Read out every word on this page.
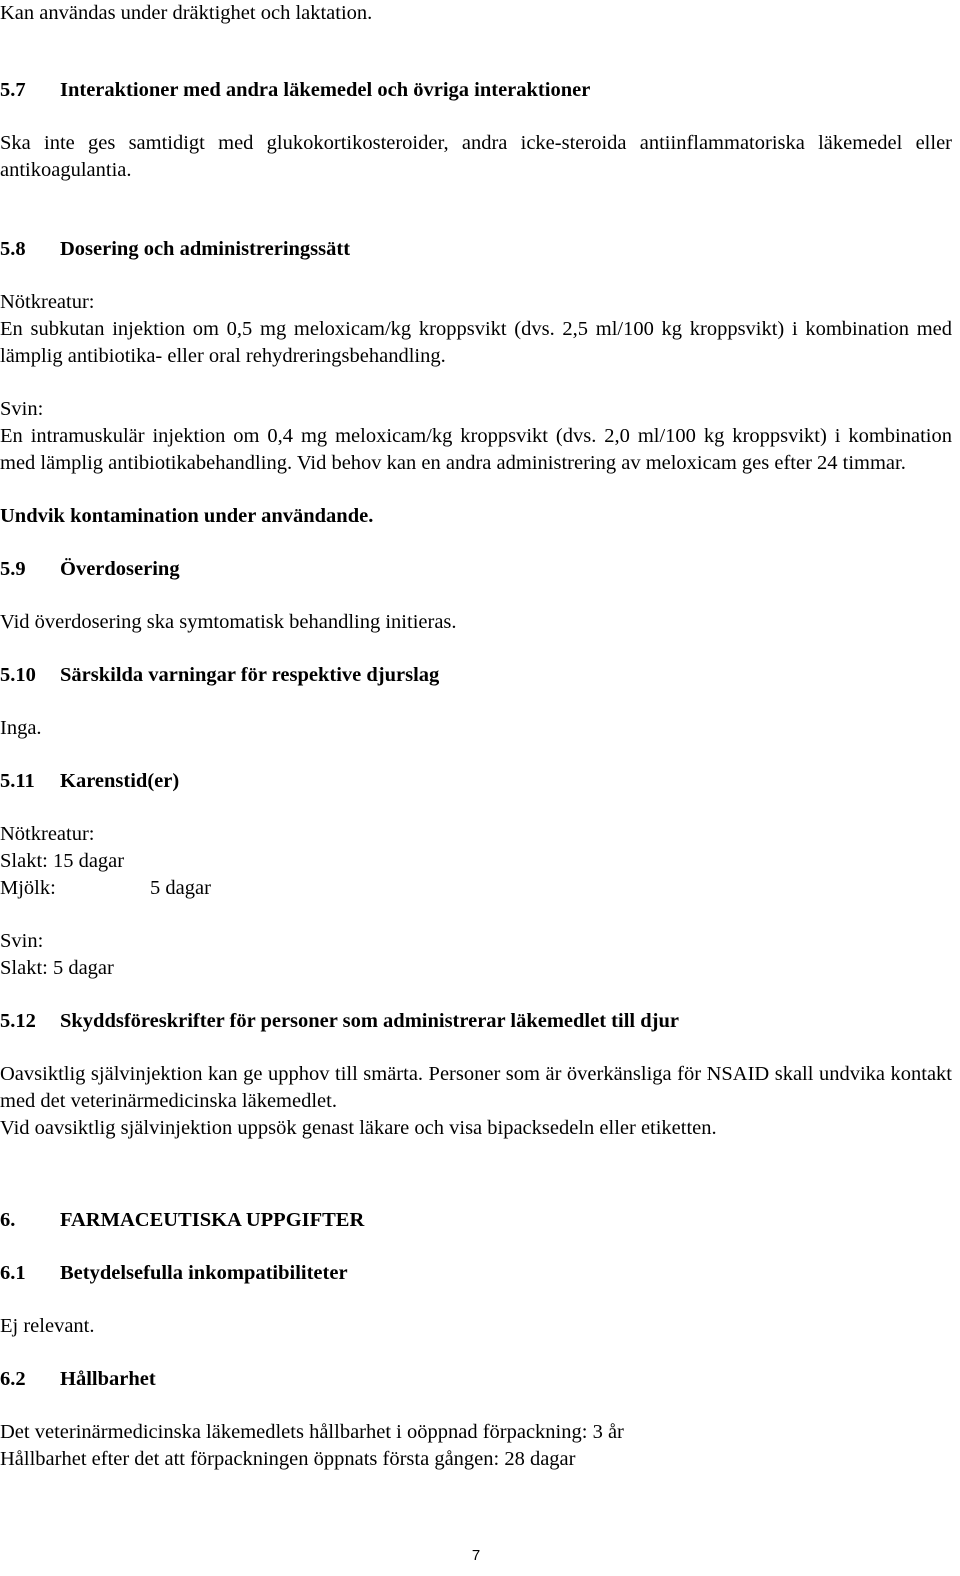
Kan användas under dräktighet och laktation.

5.7	Interaktioner med andra läkemedel och övriga interaktioner

Ska inte ges samtidigt med glukokortikosteroider, andra icke-steroida antiinflammatoriska läkemedel eller antikoagulantia.

5.8	Dosering och administreringssätt

Nötkreatur:

En subkutan injektion om 0,5 mg meloxicam/kg kroppsvikt (dvs. 2,5 ml/100 kg kroppsvikt) i kombination med lämplig antibiotika- eller oral rehydreringsbehandling.

Svin:

En intramuskulär injektion om 0,4 mg meloxicam/kg kroppsvikt (dvs. 2,0 ml/100 kg kroppsvikt) i kombination med lämplig antibiotikabehandling. Vid behov kan en andra administrering av meloxicam ges efter 24 timmar.

Undvik kontamination under användande.

5.9	Överdosering

Vid överdosering ska symtomatisk behandling initieras.

5.10	Särskilda varningar för respektive djurslag

Inga.

5.11	Karenstid(er)

Nötkreatur:

Slakt: 15 dagar

Mjölk:	5 dagar

Svin:

Slakt: 5 dagar

5.12	Skyddsföreskrifter för personer som administrerar läkemedlet till djur

Oavsiktlig självinjektion kan ge upphov till smärta. Personer som är överkänsliga för NSAID skall undvika kontakt med det veterinärmedicinska läkemedlet.

Vid oavsiktlig självinjektion uppsök genast läkare och visa bipacksedeln eller etiketten.

6.	FARMACEUTISKA UPPGIFTER
6.1	Betydelsefulla inkompatibiliteter

Ej relevant.

6.2	Hållbarhet

Det veterinärmedicinska läkemedlets hållbarhet i oöppnad förpackning: 3 år

Hållbarhet efter det att förpackningen öppnats första gången: 28 dagar

7
